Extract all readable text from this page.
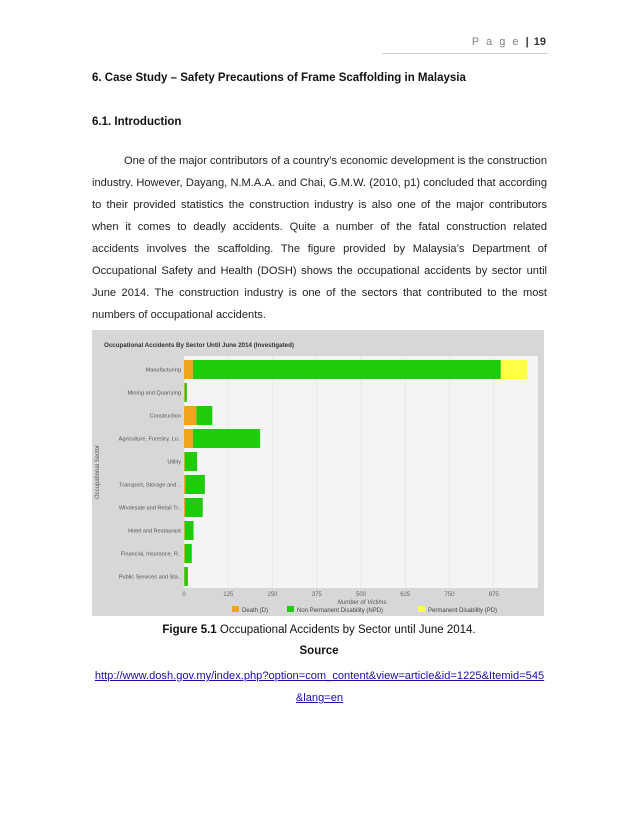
P a g e | 19
6. Case Study – Safety Precautions of Frame Scaffolding in Malaysia
6.1. Introduction
One of the major contributors of a country’s economic development is the construction industry. However, Dayang, N.M.A.A. and Chai, G.M.W. (2010, p1) concluded that according to their provided statistics the construction industry is also one of the major contributors when it comes to deadly accidents. Quite a number of the fatal construction related accidents involves the scaffolding. The figure provided by Malaysia’s Department of Occupational Safety and Health (DOSH) shows the occupational accidents by sector until June 2014. The construction industry is one of the sectors that contributed to the most numbers of occupational accidents.
Occupational Accidents By Sector Until June 2014 (Investigated)
Manufacturing
Mining and Quarrying
Construction
Agriculture, Forestry, Lo..
Utility
Transport, Storage and ..
Wholesale and Retail Tr..
Hotel and Restaurant
Financial, Insurance, R..
Public Services and Sta..
0	125	250	375	500	625	750	875
Occupational Sector
Number of Victims
Death (D)	Non Permanent Disability (NPD)	Permanent Disability (PD)
Figure 5.1 Occupational Accidents by Sector until June 2014.
Source
http://www.dosh.gov.my/index.php?option=com_content&view=article&id=1225&Itemid=545&lang=en
